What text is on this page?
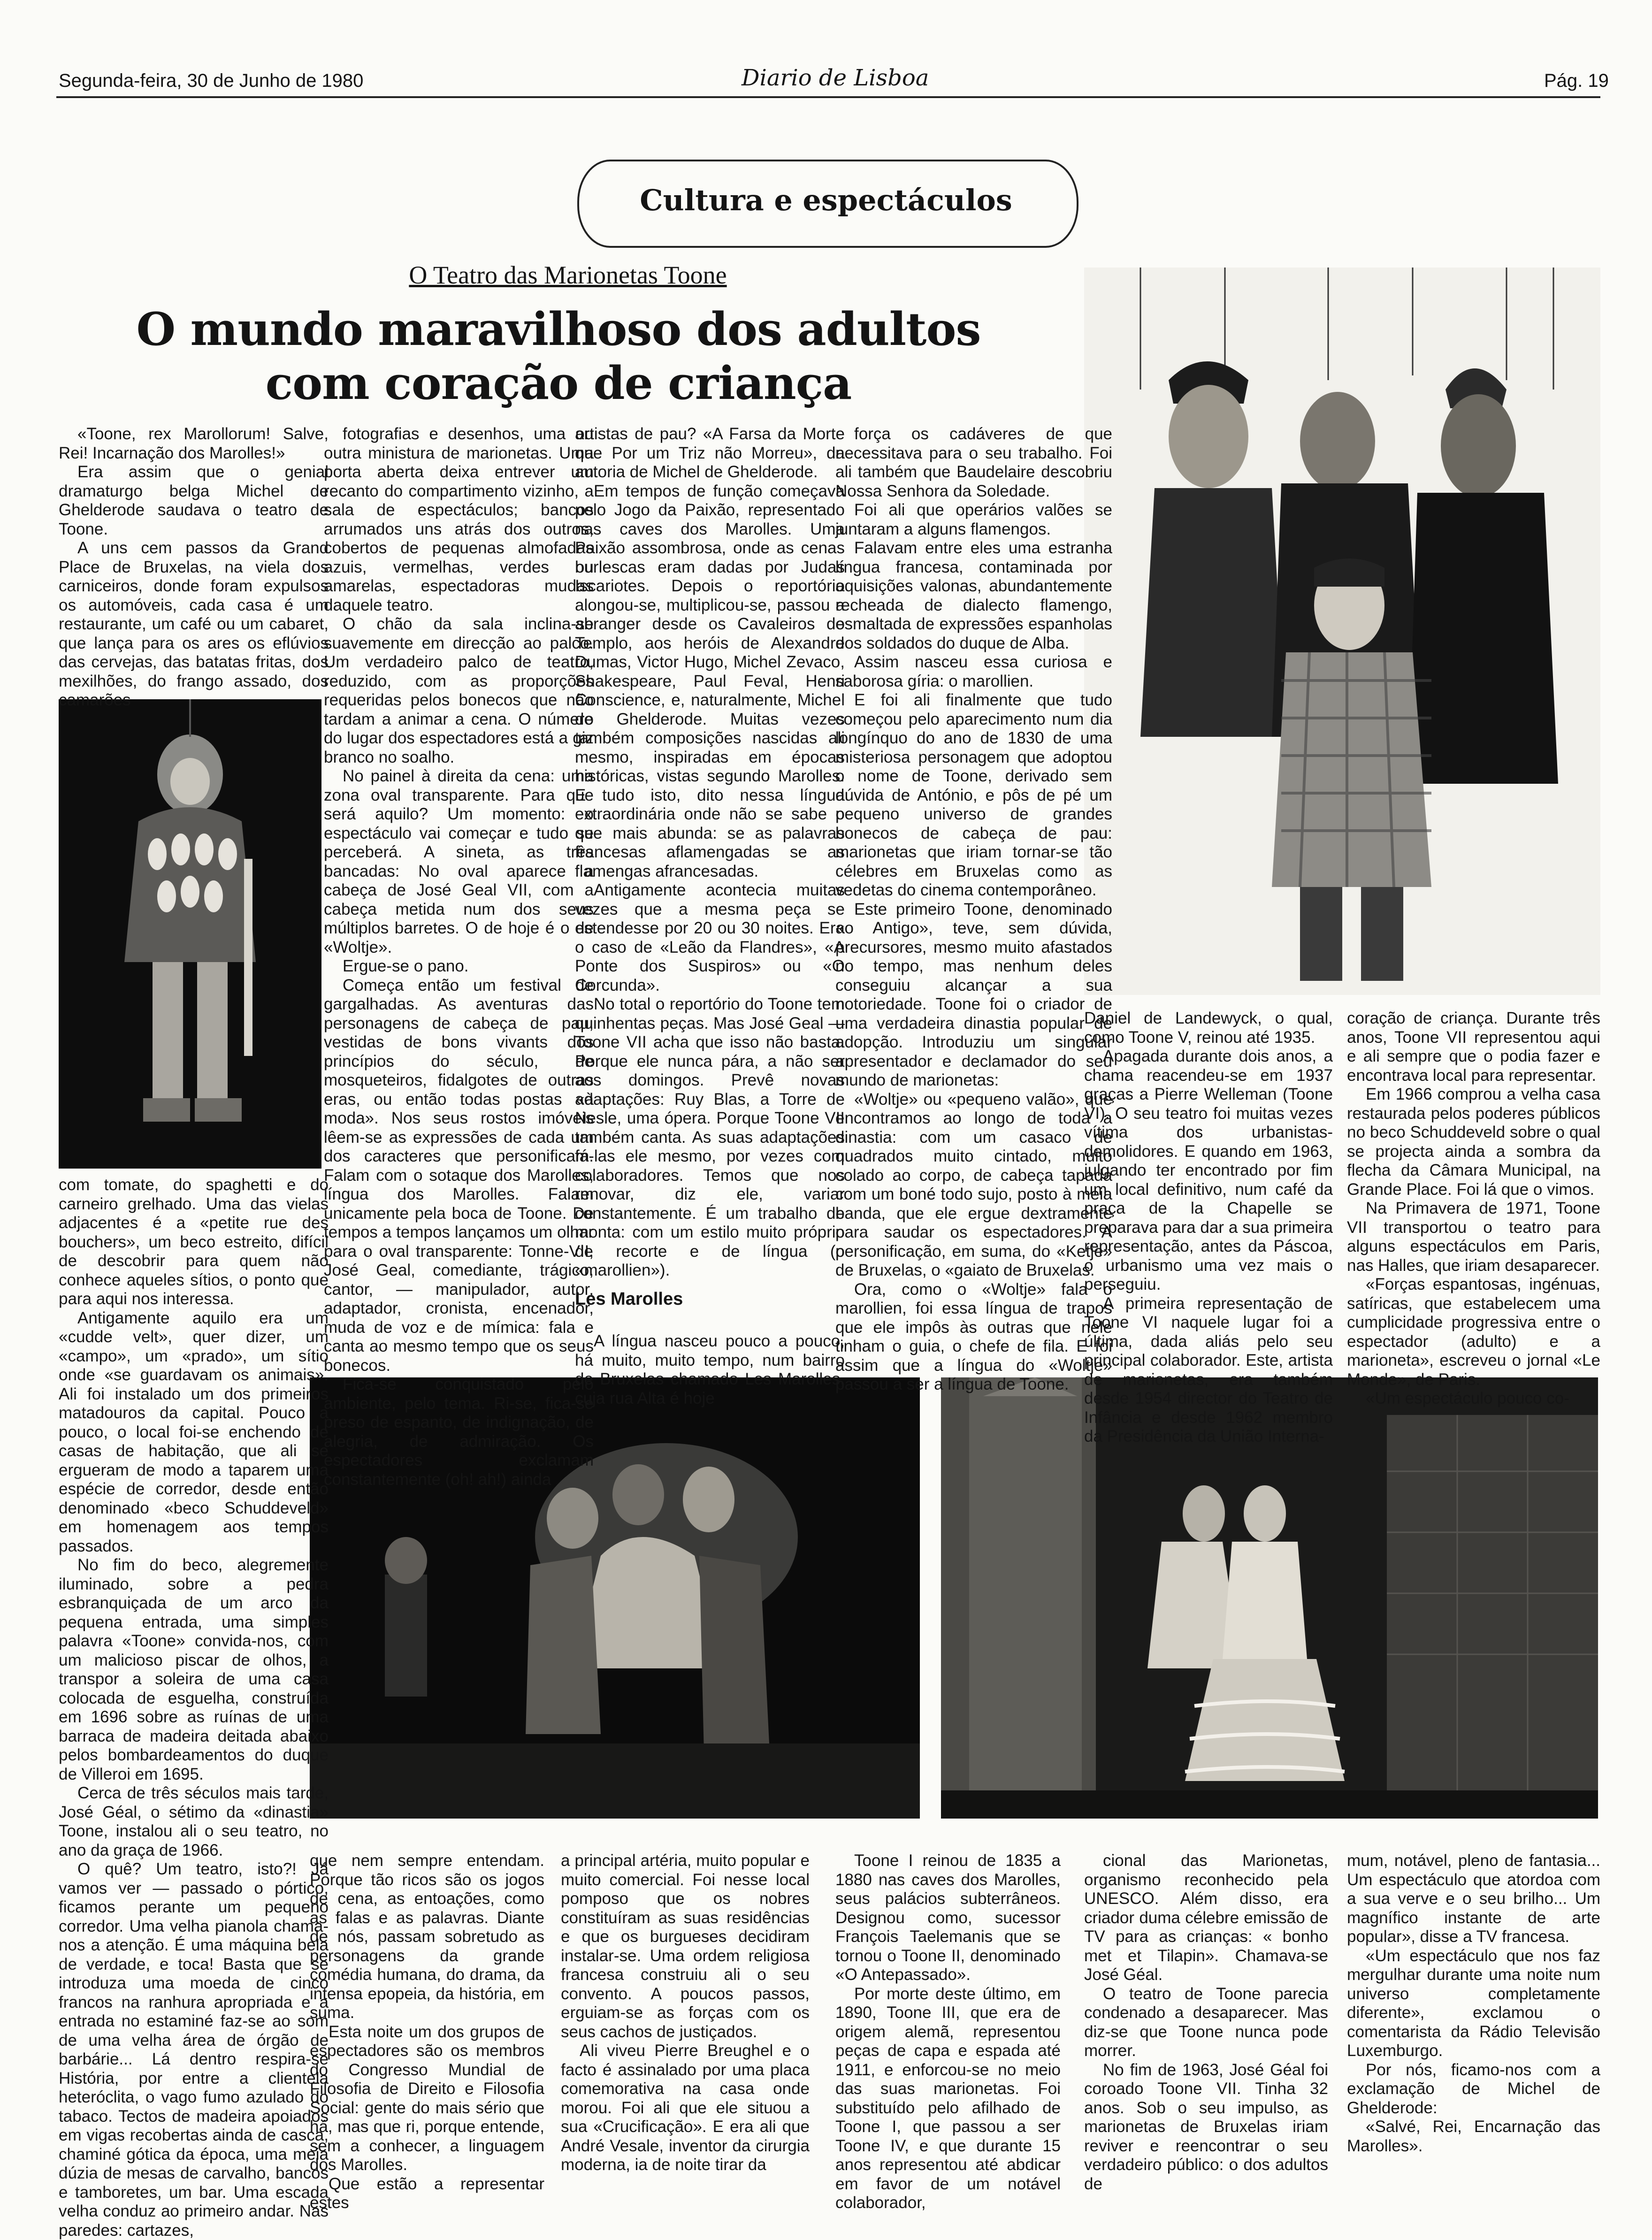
Segunda-feira, 30 de Junho de 1980	Diario de Lisboa	Pág. 19
Cultura e espectáculos
O Teatro das Marionetas Toone
O mundo maravilhoso dos adultos
com coração de criança

«Toone, rex Marollorum! Salve, Rei! Incarnação dos Marolles!»

Era assim que o genial dramaturgo belga Michel de Ghelderode saudava o teatro de Toone.

A uns cem passos da Grand Place de Bruxelas, na viela dos carniceiros, donde foram expulsos os automóveis, cada casa é um restaurante, um café ou um cabaret, que lança para os ares os eflúvios das cervejas, das batatas fritas, dos mexilhões, do frango assado, dos camarões

com tomate, do spaghetti e do carneiro grelhado. Uma das vielas adjacentes é a «petite rue des bouchers», um beco estreito, difícil de descobrir para quem não conhece aqueles sítios, o ponto que para aqui nos interessa.

Antigamente aquilo era um «cudde velt», quer dizer, um «campo», um «prado», um sítio onde «se guardavam os animais». Ali foi instalado um dos primeiros matadouros da capital. Pouco a pouco, o local foi-se enchendo de casas de habitação, que ali se ergueram de modo a taparem uma espécie de corredor, desde então denominado «beco Schuddeveld» em homenagem aos tempos passados.

No fim do beco, alegremente iluminado, sobre a pedra esbranquiçada de um arco da pequena entrada, uma simples palavra «Toone» convida-nos, com um malicioso piscar de olhos, a transpor a soleira de uma casa colocada de esguelha, construída em 1696 sobre as ruínas de uma barraca de madeira deitada abaixo pelos bombardeamentos do duque de Villeroi em 1695.

Cerca de três séculos mais tarde, José Géal, o sétimo da «dinastia» Toone, instalou ali o seu teatro, no ano da graça de 1966.

O quê? Um teatro, isto?! Já vamos ver — passado o pórtico, ficamos perante um pequeno corredor. Uma velha pianola chama-nos a atenção. É uma máquina bela de verdade, e toca! Basta que se introduza uma moeda de cinco francos na ranhura apropriada e a entrada no estaminé faz-se ao som de uma velha área de órgão de barbárie... Lá dentro respira-se História, por entre a clientela heteróclita, o vago fumo azulado do tabaco. Tectos de madeira apoiados em vigas recobertas ainda de casca, chaminé gótica da época, uma meia dúzia de mesas de carvalho, bancos e tamboretes, um bar. Uma escada velha conduz ao primeiro andar. Nas paredes: cartazes,

fotografias e desenhos, uma ou outra ministura de marionetas. Uma porta aberta deixa entrever um recanto do compartimento vizinho, a sala de espectáculos; bancos arrumados uns atrás dos outros, cobertos de pequenas almofadas azuis, vermelhas, verdes ou amarelas, espectadoras mudas daquele teatro.

O chão da sala inclina-se suavemente em direcção ao palco. Um verdadeiro palco de teatro, reduzido, com as proporções requeridas pelos bonecos que não tardam a animar a cena. O número do lugar dos espectadores está a giz branco no soalho.

No painel à direita da cena: uma zona oval transparente. Para que será aquilo? Um momento: o espectáculo vai começar e tudo se perceberá. A sineta, as três bancadas: No oval aparece a cabeça de José Geal VII, com a cabeça metida num dos seus múltiplos barretes. O de hoje é o de «Woltje».

Ergue-se o pano.

Começa então um festival de gargalhadas. As aventuras das personagens de cabeça de pau, vestidas de bons vivants dos princípios do século, de mosqueteiros, fidalgotes de outras eras, ou então todas postas «à moda». Nos seus rostos imóveis lêem-se as expressões de cada um dos caracteres que personificam. Falam com o sotaque dos Marolles, língua dos Marolles. Falam unicamente pela boca de Toone. De tempos a tempos lançamos um olhar para o oval transparente: Tonne-VII, José Geal, comediante, trágico, cantor, — manipulador, autor, adaptador, cronista, encenador, muda de voz e de mímica: fala e canta ao mesmo tempo que os seus bonecos.

Fica-se conquistado pelo ambiente, pelo tema. Ri-se, fica-se preso de espanto, de indignação, de alegria, de admiração. Os espectadores exclamam constantemente (oh! ah!) ainda

artistas de pau? «A Farsa da Morte que Por um Triz não Morreu», da autoria de Michel de Ghelderode.

Em tempos de função começava pelo Jogo da Paixão, representado nas caves dos Marolles. Uma Paixão assombrosa, onde as cenas burlescas eram dadas por Judas Iscariotes. Depois o reportório alongou-se, multiplicou-se, passou a abranger desde os Cavaleiros do Templo, aos heróis de Alexandre Dumas, Victor Hugo, Michel Zevaco, Shakespeare, Paul Feval, Henri Conscience, e, naturalmente, Michel de Ghelderode. Muitas vezes também composições nascidas ali mesmo, inspiradas em épocas históricas, vistas segundo Marolles. E tudo isto, dito nessa língua extraordinária onde não se sabe o que mais abunda: se as palavras francesas aflamengadas se as flamengas afrancesadas.

Antigamente acontecia muitas vezes que a mesma peça se estendesse por 20 ou 30 noites. Era o caso de «Leão da Flandres», «A Ponte dos Suspiros» ou «O Corcunda».

No total o reportório do Toone tem quinhentas peças. Mas José Geal — Toone VII acha que isso não basta. Porque ele nunca pára, a não ser aos domingos. Prevê novas adaptações: Ruy Blas, a Torre de Nesle, uma ópera. Porque Toone VII também canta. As suas adaptações fá-las ele mesmo, por vezes com colaboradores. Temos que nos renovar, diz ele, variar constantemente. É um trabalho de monta: com um estilo muito próprio de recorte e de língua (o «marollien»).

Les Marolles

A língua nasceu pouco a pouco, há muito, muito tempo, num bairro de Bruxelas chamado Les Marolles, cuja rua Alta é hoje

força os cadáveres de que necessitava para o seu trabalho. Foi ali também que Baudelaire descobriu Nossa Senhora da Soledade.

Foi ali que operários valões se juntaram a alguns flamengos.

Falavam entre eles uma estranha língua francesa, contaminada por aquisições valonas, abundantemente recheada de dialecto flamengo, esmaltada de expressões espanholas dos soldados do duque de Alba.

Assim nasceu essa curiosa e saborosa gíria: o marollien.

E foi ali finalmente que tudo começou pelo aparecimento num dia longínquo do ano de 1830 de uma misteriosa personagem que adoptou o nome de Toone, derivado sem dúvida de António, e pôs de pé um pequeno universo de grandes bonecos de cabeça de pau: marionetas que iriam tornar-se tão célebres em Bruxelas como as vedetas do cinema contemporâneo.

Este primeiro Toone, denominado «o Antigo», teve, sem dúvida, precursores, mesmo muito afastados no tempo, mas nenhum deles conseguiu alcançar a sua notoriedade. Toone foi o criador de uma verdadeira dinastia popular de adopção. Introduziu um singular apresentador e declamador do seu mundo de marionetas:

«Woltje» ou «pequeno valão», que encontramos ao longo de toda a dinastia: com um casaco de quadrados muito cintado, muito colado ao corpo, de cabeça tapada com um boné todo sujo, posto à meia banda, que ele ergue dextramente para saudar os espectadores. A personificação, em suma, do «Ketje» de Bruxelas, o «gaiato de Bruxelas.

Ora, como o «Woltje» fala o marollien, foi essa língua de trapos que ele impôs às outras que nele tinham o guia, o chefe de fila. E foi assim que a língua do «Woltje» passou a ser a língua de Toone.

Daniel de Landewyck, o qual, como Toone V, reinou até 1935.

Apagada durante dois anos, a chama reacendeu-se em 1937 graças a Pierre Welleman (Toone VI). O seu teatro foi muitas vezes vítima dos urbanistas-demolidores. E quando em 1963, julgando ter encontrado por fim um local definitivo, num café da praça de la Chapelle se preparava para dar a sua primeira representação, antes da Páscoa, o urbanismo uma vez mais o perseguiu.

A primeira representação de Toone VI naquele lugar foi a última, dada aliás pelo seu principal colaborador. Este, artista de marionetas, era também desde 1954 director do Teatro de Infância e desde 1962 membro da Presidência da União Interna-

coração de criança. Durante três anos, Toone VII representou aqui e ali sempre que o podia fazer e encontrava local para representar.

Em 1966 comprou a velha casa restaurada pelos poderes públicos no beco Schuddeveld sobre o qual se projecta ainda a sombra da flecha da Câmara Municipal, na Grande Place. Foi lá que o vimos.

Na Primavera de 1971, Toone VII transportou o teatro para alguns espectáculos em Paris, nas Halles, que iriam desaparecer.

«Forças espantosas, ingénuas, satíricas, que estabelecem uma cumplicidade progressiva entre o espectador (adulto) e a marioneta», escreveu o jornal «Le Monde», de Paris.

«Um espectáculo pouco co-

que nem sempre entendam. Porque tão ricos são os jogos de cena, as entoações, como as falas e as palavras. Diante de nós, passam sobretudo as personagens da grande comédia humana, do drama, da intensa epopeia, da história, em suma.

Esta noite um dos grupos de espectadores são os membros do Congresso Mundial de Filosofia de Direito e Filosofia Social: gente do mais sério que há, mas que ri, porque entende, sem a conhecer, a linguagem dos Marolles.

Que estão a representar estes

a principal artéria, muito popular e muito comercial. Foi nesse local pomposo que os nobres constituíram as suas residências e que os burgueses decidiram instalar-se. Uma ordem religiosa francesa construiu ali o seu convento. A poucos passos, erguiam-se as forças com os seus cachos de justiçados.

Ali viveu Pierre Breughel e o facto é assinalado por uma placa comemorativa na casa onde morou. Foi ali que ele situou a sua «Crucificação». E era ali que André Vesale, inventor da cirurgia moderna, ia de noite tirar da

Toone I reinou de 1835 a 1880 nas caves dos Marolles, seus palácios subterrâneos. Designou como, sucessor François Taelemanis que se tornou o Toone II, denominado «O Antepassado».

Por morte deste último, em 1890, Toone III, que era de origem alemã, representou peças de capa e espada até 1911, e enforcou-se no meio das suas marionetas. Foi substituído pelo afilhado de Toone I, que passou a ser Toone IV, e que durante 15 anos representou até abdicar em favor de um notável colaborador,

cional das Marionetas, organismo reconhecido pela UNESCO. Além disso, era criador duma célebre emissão de TV para as crianças: « bonho met et Tilapin». Chamava-se José Géal.

O teatro de Toone parecia condenado a desaparecer. Mas diz-se que Toone nunca pode morrer.

No fim de 1963, José Géal foi coroado Toone VII. Tinha 32 anos. Sob o seu impulso, as marionetas de Bruxelas iriam reviver e reencontrar o seu verdadeiro público: o dos adultos de

mum, notável, pleno de fantasia... Um espectáculo que atordoa com a sua verve e o seu brilho... Um magnífico instante de arte popular», disse a TV francesa.

«Um espectáculo que nos faz mergulhar durante uma noite num universo completamente diferente», exclamou o comentarista da Rádio Televisão Luxemburgo.

Por nós, ficamo-nos com a exclamação de Michel de Ghelderode:

«Salvé, Rei, Encarnação das Marolles».
